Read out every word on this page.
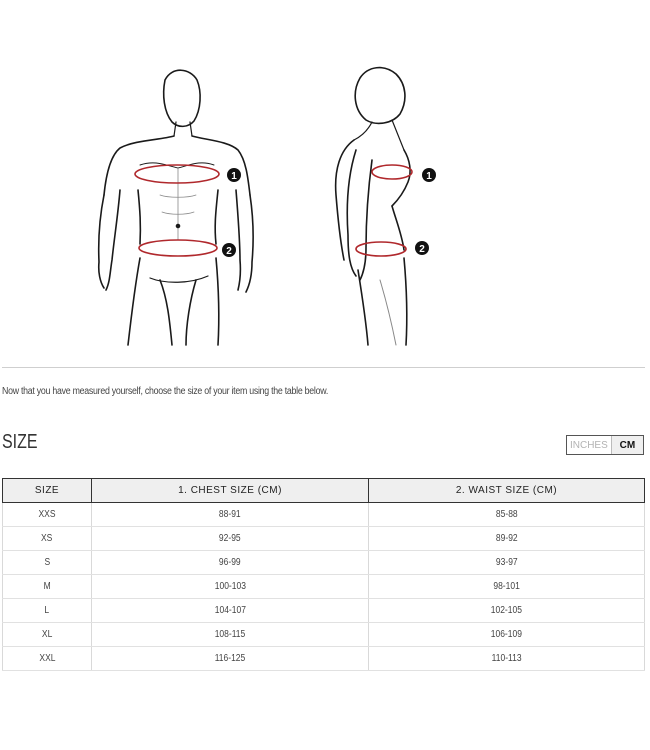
1
2
1
2
Now that you have measured yourself, choose the size of your item using the table below.
SIZE	INCHES	CM
SIZE	1. CHEST SIZE (CM)	2. WAIST SIZE (CM)
XXS	88-91	85-88
XS	92-95	89-92
S	96-99	93-97
M	100-103	98-101
L	104-107	102-105
XL	108-115	106-109
XXL	116-125	110-113
